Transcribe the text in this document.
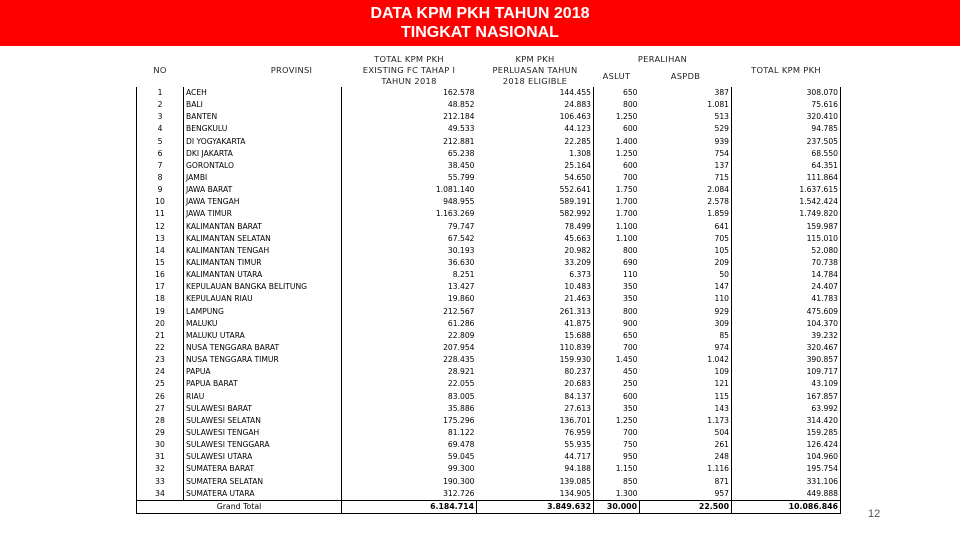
DATA KPM PKH TAHUN 2018
TINGKAT NASIONAL
NO	PROVINSI	TOTAL KPM PKH	KPM PKH	PERALIHAN		TOTAL KPM PKH
		EXISTING FC TAHAP I	PERLUASAN TAHUN	ASLUT	ASPDB	
		TAHUN 2018	2018 ELIGIBLE			
1	ACEH	162.578	144.455	650	387	308.070
2	BALI	48.852	24.883	800	1.081	75.616
3	BANTEN	212.184	106.463	1.250	513	320.410
4	BENGKULU	49.533	44.123	600	529	94.785
5	DI YOGYAKARTA	212.881	22.285	1.400	939	237.505
6	DKI JAKARTA	65.238	1.308	1.250	754	68.550
7	GORONTALO	38.450	25.164	600	137	64.351
8	JAMBI	55.799	54.650	700	715	111.864
9	JAWA BARAT	1.081.140	552.641	1.750	2.084	1.637.615
10	JAWA TENGAH	948.955	589.191	1.700	2.578	1.542.424
11	JAWA TIMUR	1.163.269	582.992	1.700	1.859	1.749.820
12	KALIMANTAN BARAT	79.747	78.499	1.100	641	159.987
13	KALIMANTAN SELATAN	67.542	45.663	1.100	705	115.010
14	KALIMANTAN TENGAH	30.193	20.982	800	105	52.080
15	KALIMANTAN TIMUR	36.630	33.209	690	209	70.738
16	KALIMANTAN UTARA	8.251	6.373	110	50	14.784
17	KEPULAUAN BANGKA BELITUNG	13.427	10.483	350	147	24.407
18	KEPULAUAN RIAU	19.860	21.463	350	110	41.783
19	LAMPUNG	212.567	261.313	800	929	475.609
20	MALUKU	61.286	41.875	900	309	104.370
21	MALUKU UTARA	22.809	15.688	650	85	39.232
22	NUSA TENGGARA BARAT	207.954	110.839	700	974	320.467
23	NUSA TENGGARA TIMUR	228.435	159.930	1.450	1.042	390.857
24	PAPUA	28.921	80.237	450	109	109.717
25	PAPUA BARAT	22.055	20.683	250	121	43.109
26	RIAU	83.005	84.137	600	115	167.857
27	SULAWESI BARAT	35.886	27.613	350	143	63.992
28	SULAWESI SELATAN	175.296	136.701	1.250	1.173	314.420
29	SULAWESI TENGAH	81.122	76.959	700	504	159.285
30	SULAWESI TENGGARA	69.478	55.935	750	261	126.424
31	SULAWESI UTARA	59.045	44.717	950	248	104.960
32	SUMATERA BARAT	99.300	94.188	1.150	1.116	195.754
33	SUMATERA SELATAN	190.300	139.085	850	871	331.106
34	SUMATERA UTARA	312.726	134.905	1.300	957	449.888
Grand Total		6.184.714	3.849.632	30.000	22.500	10.086.846
12
